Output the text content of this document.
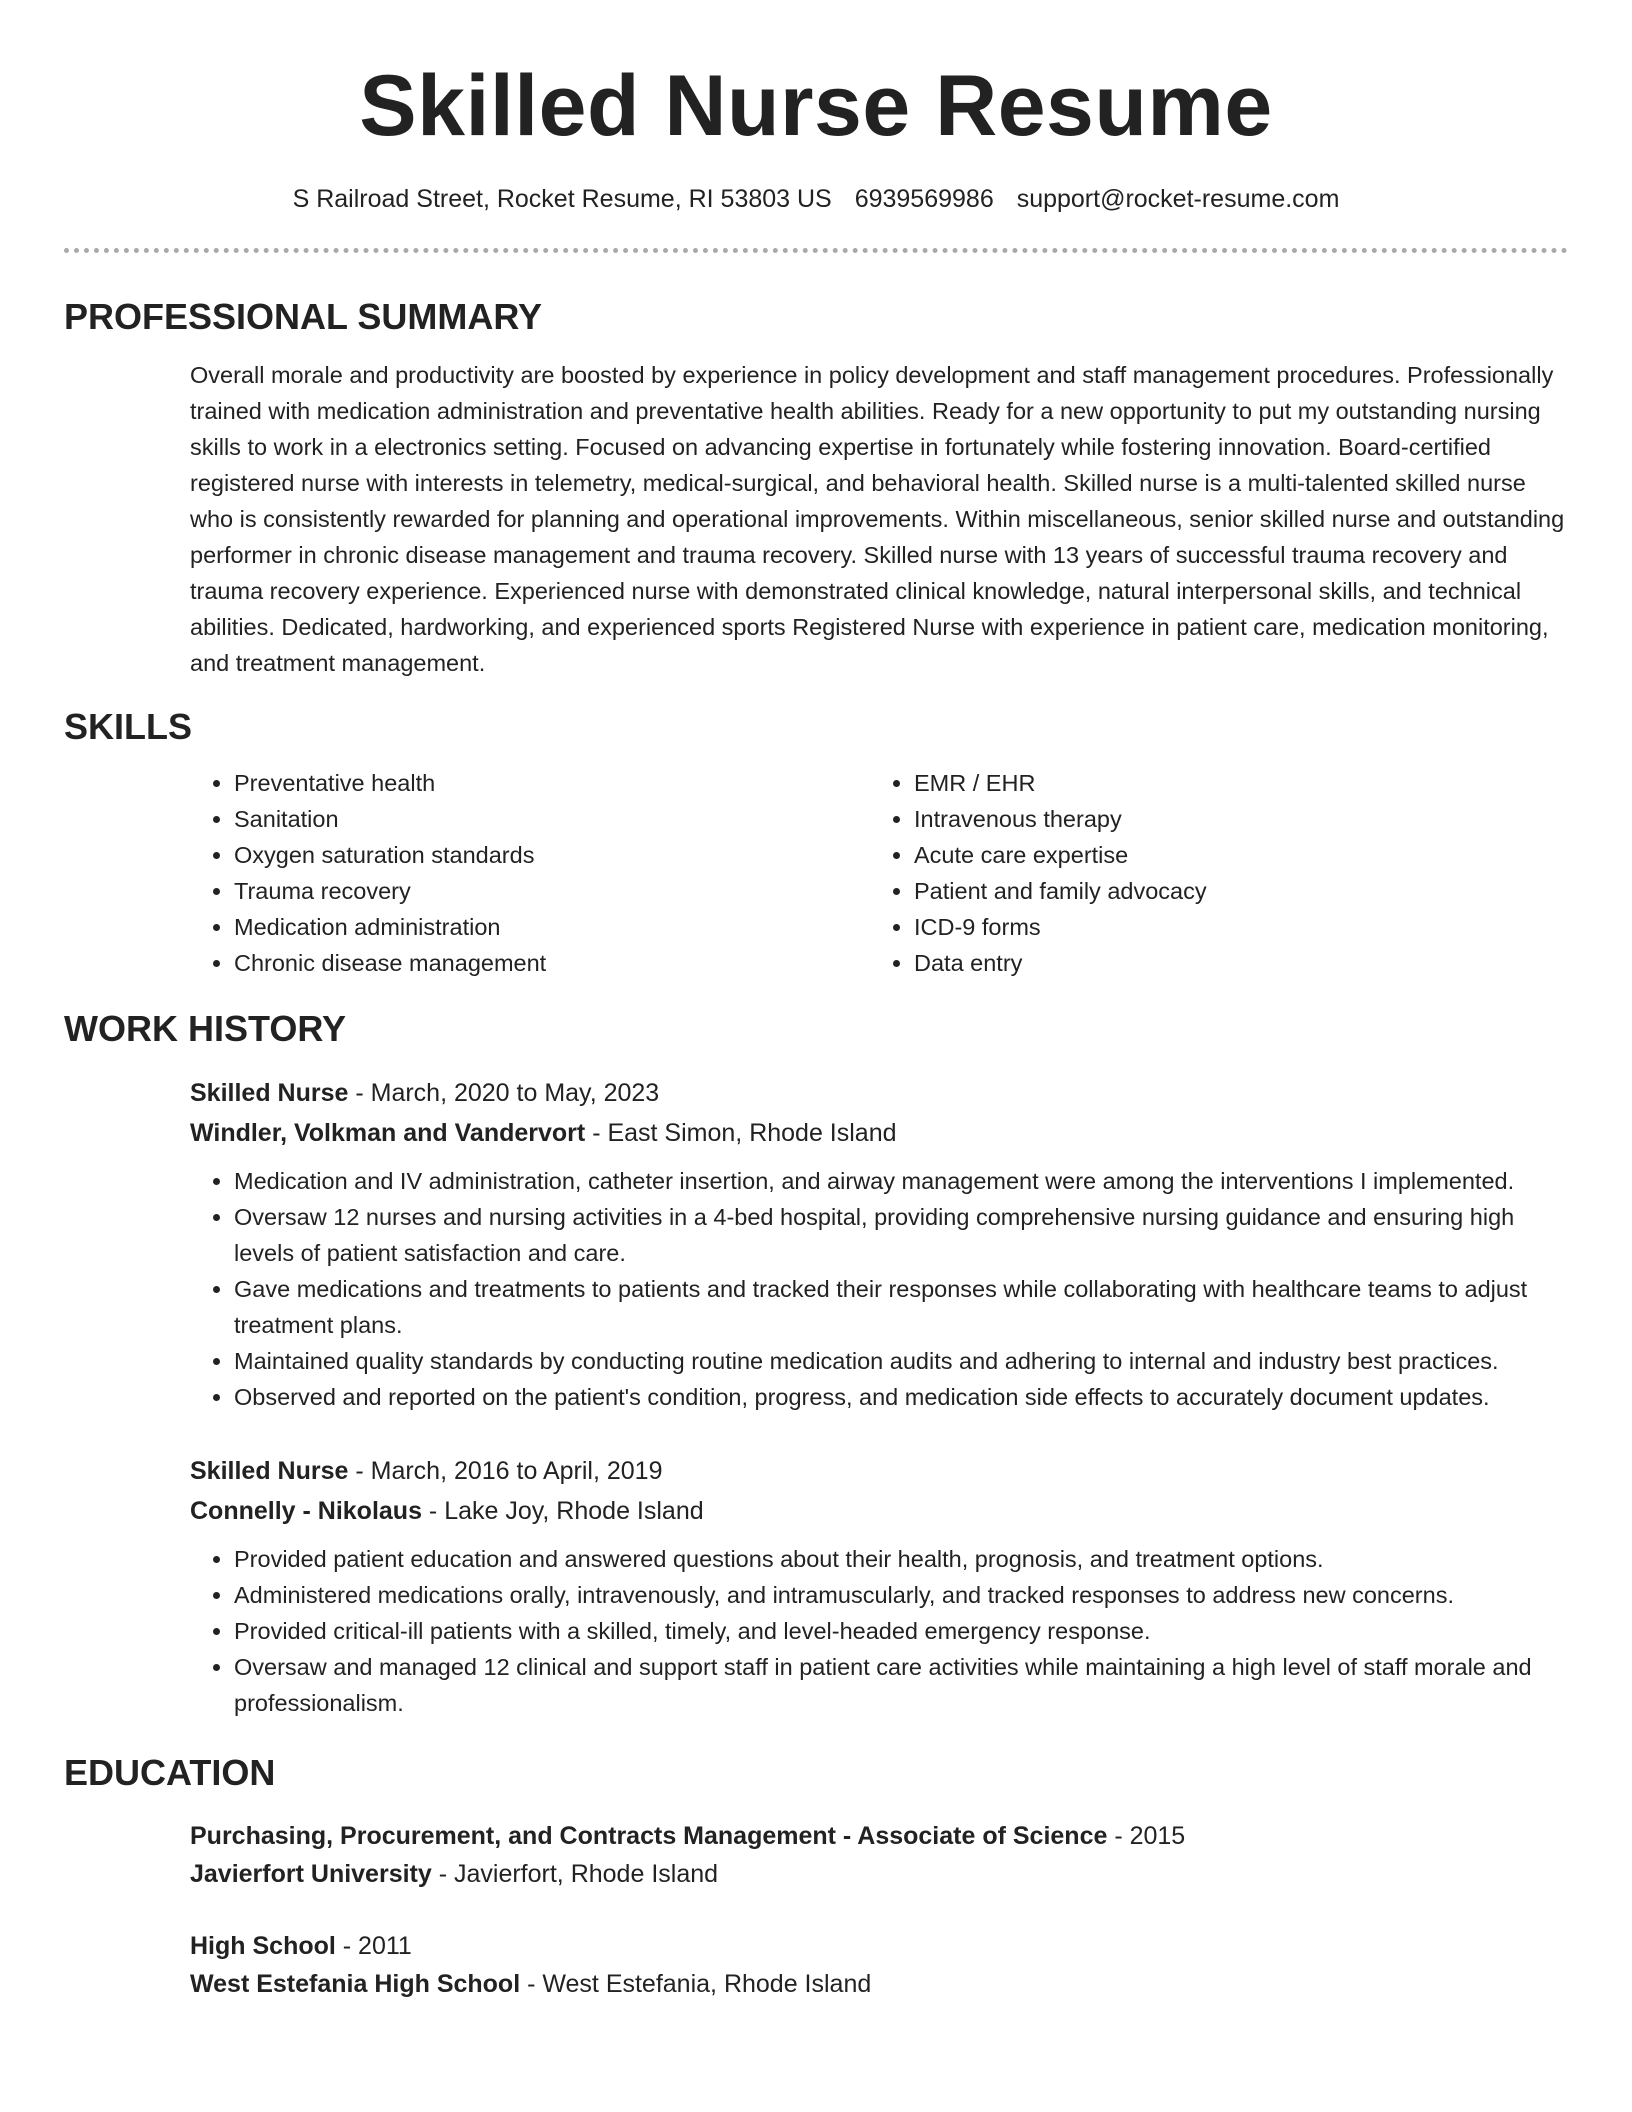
Skilled Nurse Resume
S Railroad Street, Rocket Resume, RI 53803 US 6939569986 support@rocket-resume.com
PROFESSIONAL SUMMARY

Overall morale and productivity are boosted by experience in policy development and staff management procedures. Professionally trained with medication administration and preventative health abilities. Ready for a new opportunity to put my outstanding nursing skills to work in a electronics setting. Focused on advancing expertise in fortunately while fostering innovation. Board-certified registered nurse with interests in telemetry, medical-surgical, and behavioral health. Skilled nurse is a multi-talented skilled nurse who is consistently rewarded for planning and operational improvements. Within miscellaneous, senior skilled nurse and outstanding performer in chronic disease management and trauma recovery. Skilled nurse with 13 years of successful trauma recovery and trauma recovery experience. Experienced nurse with demonstrated clinical knowledge, natural interpersonal skills, and technical abilities. Dedicated, hardworking, and experienced sports Registered Nurse with experience in patient care, medication monitoring, and treatment management.

SKILLS
• Preventative health
• Sanitation
• Oxygen saturation standards
• Trauma recovery
• Medication administration
• Chronic disease management
• EMR / EHR
• Intravenous therapy
• Acute care expertise
• Patient and family advocacy
• ICD-9 forms
• Data entry
WORK HISTORY
Skilled Nurse - March, 2020 to May, 2023
Windler, Volkman and Vandervort - East Simon, Rhode Island
• Medication and IV administration, catheter insertion, and airway management were among the interventions I implemented.
• Oversaw 12 nurses and nursing activities in a 4-bed hospital, providing comprehensive nursing guidance and ensuring high levels of patient satisfaction and care.
• Gave medications and treatments to patients and tracked their responses while collaborating with healthcare teams to adjust treatment plans.
• Maintained quality standards by conducting routine medication audits and adhering to internal and industry best practices.
• Observed and reported on the patient's condition, progress, and medication side effects to accurately document updates.
Skilled Nurse - March, 2016 to April, 2019
Connelly - Nikolaus - Lake Joy, Rhode Island
• Provided patient education and answered questions about their health, prognosis, and treatment options.
• Administered medications orally, intravenously, and intramuscularly, and tracked responses to address new concerns.
• Provided critical-ill patients with a skilled, timely, and level-headed emergency response.
• Oversaw and managed 12 clinical and support staff in patient care activities while maintaining a high level of staff morale and professionalism.
EDUCATION
Purchasing, Procurement, and Contracts Management - Associate of Science - 2015
Javierfort University - Javierfort, Rhode Island
High School - 2011
West Estefania High School - West Estefania, Rhode Island
